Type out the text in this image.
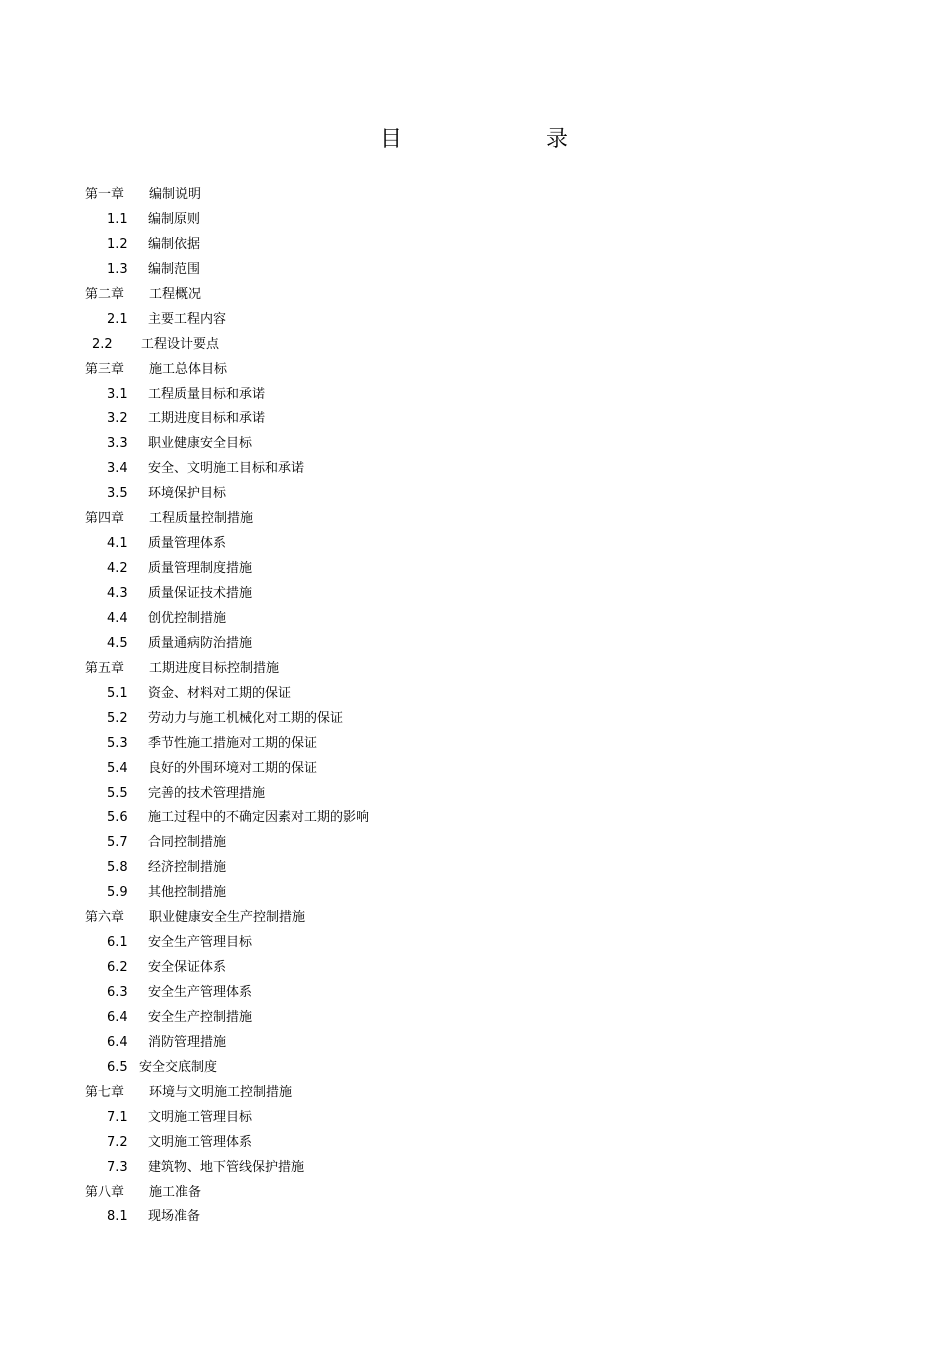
目	录
第一章 编制说明
1.1 编制原则
1.2 编制依据
1.3 编制范围
第二章 工程概况
2.1 主要工程内容
2.2 工程设计要点
第三章 施工总体目标
3.1 工程质量目标和承诺
3.2 工期进度目标和承诺
3.3 职业健康安全目标
3.4 安全、文明施工目标和承诺
3.5 环境保护目标
第四章 工程质量控制措施
4.1 质量管理体系
4.2 质量管理制度措施
4.3 质量保证技术措施
4.4 创优控制措施
4.5 质量通病防治措施
第五章 工期进度目标控制措施
5.1 资金、材料对工期的保证
5.2 劳动力与施工机械化对工期的保证
5.3 季节性施工措施对工期的保证
5.4 良好的外围环境对工期的保证
5.5 完善的技术管理措施
5.6 施工过程中的不确定因素对工期的影响
5.7 合同控制措施
5.8 经济控制措施
5.9 其他控制措施
第六章 职业健康安全生产控制措施
6.1 安全生产管理目标
6.2 安全保证体系
6.3 安全生产管理体系
6.4 安全生产控制措施
6.4 消防管理措施
6.5 安全交底制度
第七章 环境与文明施工控制措施
7.1 文明施工管理目标
7.2 文明施工管理体系
7.3 建筑物、地下管线保护措施
第八章 施工准备
8.1 现场准备
